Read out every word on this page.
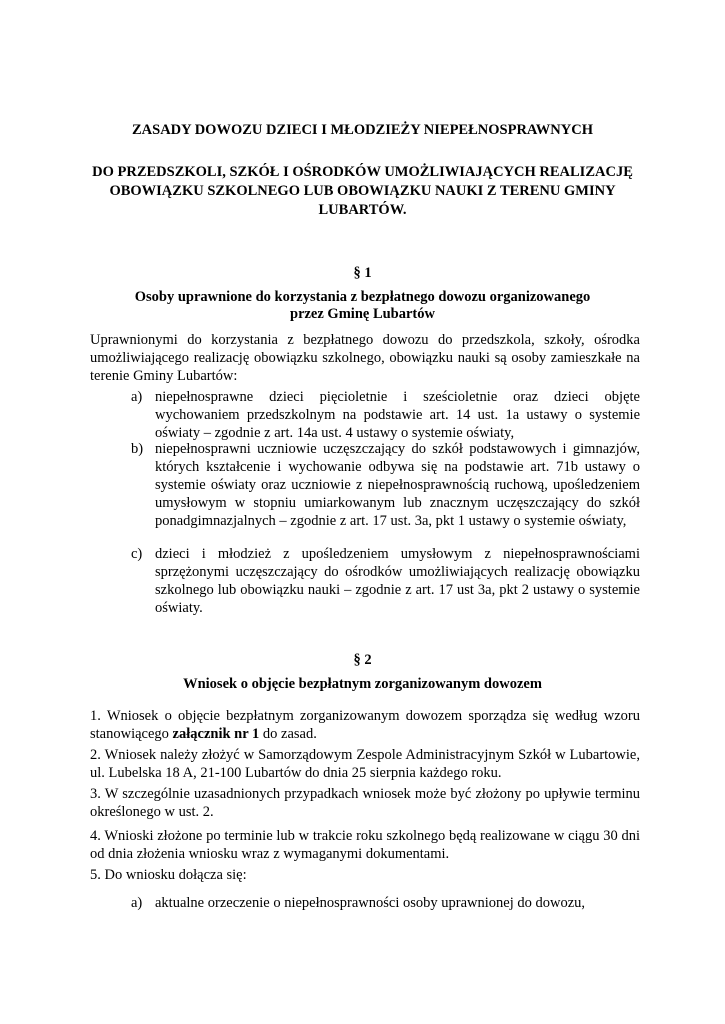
ZASADY DOWOZU DZIECI I MŁODZIEŻY NIEPEŁNOSPRAWNYCH
DO PRZEDSZKOLI, SZKÓŁ I OŚRODKÓW UMOŻLIWIAJĄCYCH REALIZACJĘ OBOWIĄZKU SZKOLNEGO LUB OBOWIĄZKU NAUKI Z TERENU GMINY LUBARTÓW.
§ 1
Osoby uprawnione do korzystania z bezpłatnego dowozu organizowanego
przez Gminę Lubartów
Uprawnionymi do korzystania z bezpłatnego dowozu do przedszkola, szkoły, ośrodka umożliwiającego realizację obowiązku szkolnego, obowiązku nauki są osoby zamieszkałe na terenie Gminy Lubartów:
a) niepełnosprawne dzieci pięcioletnie i sześcioletnie oraz dzieci objęte wychowaniem przedszkolnym na podstawie art. 14 ust. 1a ustawy o systemie oświaty – zgodnie z art. 14a ust. 4 ustawy o systemie oświaty,
b) niepełnosprawni uczniowie uczęszczający do szkół podstawowych i gimnazjów, których kształcenie i wychowanie odbywa się na podstawie art. 71b ustawy o systemie oświaty oraz uczniowie z niepełnosprawnością ruchową, upośledzeniem umysłowym w stopniu umiarkowanym lub znacznym uczęszczający do szkół ponadgimnazjalnych – zgodnie z art. 17 ust. 3a, pkt 1 ustawy o systemie oświaty,
c) dzieci i młodzież z upośledzeniem umysłowym z niepełnosprawnościami sprzężonymi uczęszczający do ośrodków umożliwiających realizację obowiązku szkolnego lub obowiązku nauki – zgodnie z art. 17 ust 3a, pkt 2 ustawy o systemie oświaty.
§ 2
Wniosek o objęcie bezpłatnym zorganizowanym dowozem
1. Wniosek o objęcie bezpłatnym zorganizowanym dowozem sporządza się według wzoru stanowiącego załącznik nr 1 do zasad.
2. Wniosek należy złożyć w Samorządowym Zespole Administracyjnym Szkół w Lubartowie, ul. Lubelska 18 A, 21-100 Lubartów do dnia 25 sierpnia każdego roku.
3. W szczególnie uzasadnionych przypadkach wniosek może być złożony po upływie terminu określonego w ust. 2.
4. Wnioski złożone po terminie lub w trakcie roku szkolnego będą realizowane w ciągu 30 dni od dnia złożenia wniosku wraz z wymaganymi dokumentami.
5. Do wniosku dołącza się:
a) aktualne orzeczenie o niepełnosprawności osoby uprawnionej do dowozu,
